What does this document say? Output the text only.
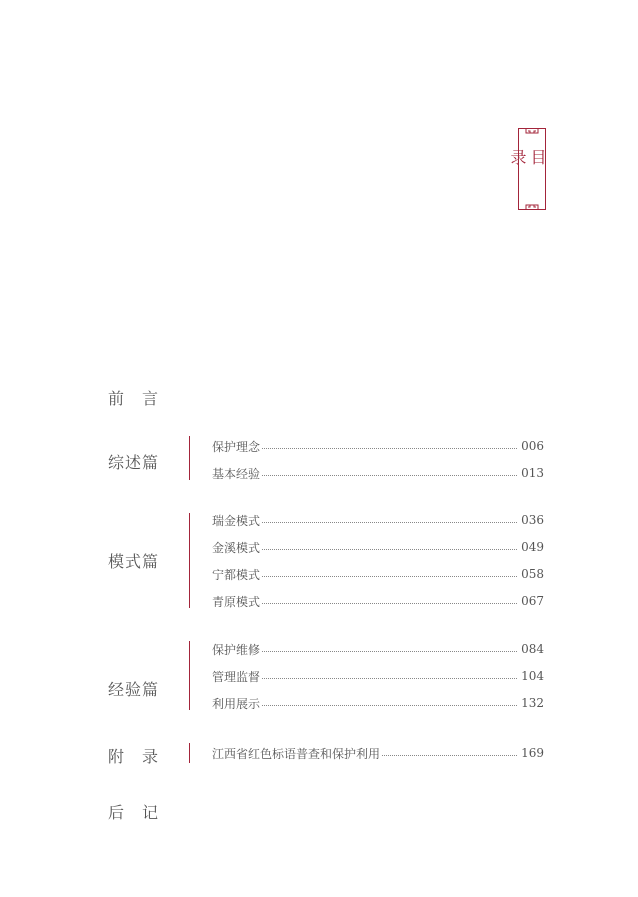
目
录
前　言
综述篇
保护理念	006
基本经验	013
模式篇
瑞金模式	036
金溪模式	049
宁都模式	058
青原模式	067
经验篇
保护维修	084
管理监督	104
利用展示	132
附　录	江西省红色标语普查和保护利用	169
后　记
